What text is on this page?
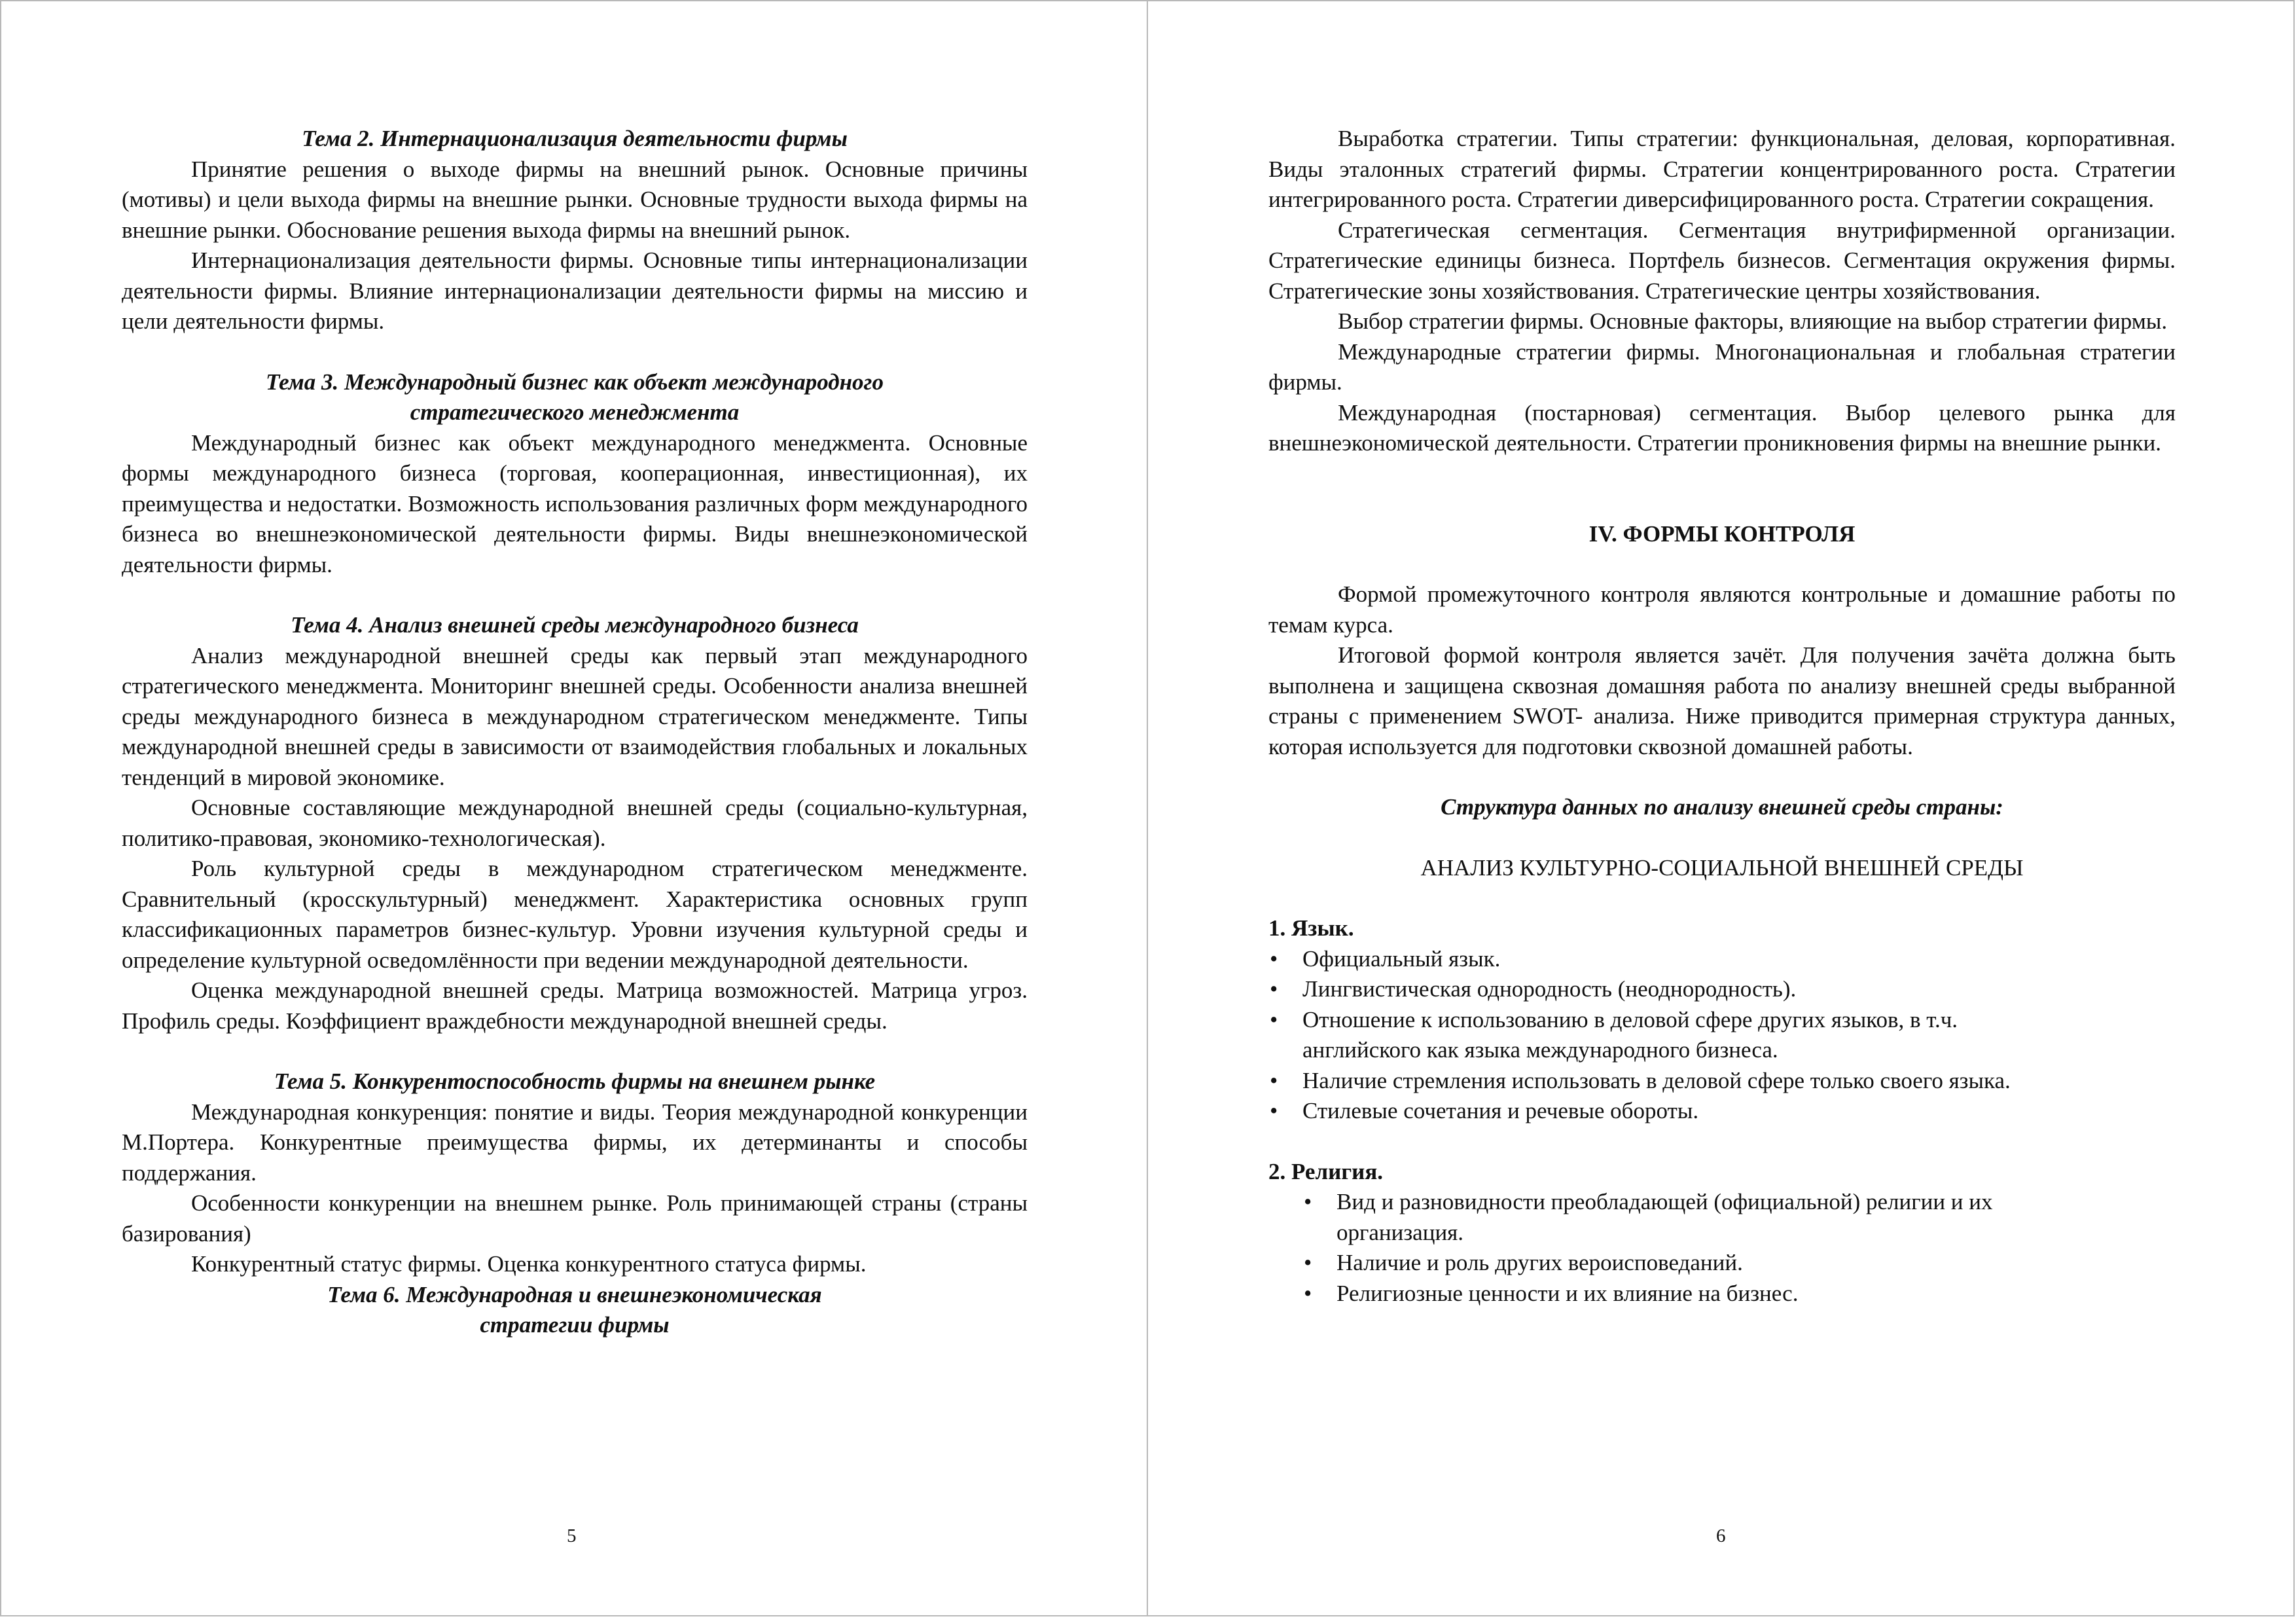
Тема 2. Интернационализация деятельности фирмы

Принятие решения о выходе фирмы на внешний рынок. Основные причины (мотивы) и цели выхода фирмы на внешние рынки. Основные трудности выхода фирмы на внешние рынки. Обоснование решения выхода фирмы на внешний рынок.

Интернационализация деятельности фирмы. Основные типы интернационализации деятельности фирмы. Влияние интернационализации деятельности фирмы на миссию и цели деятельности фирмы.

Тема 3. Международный бизнес как объект международного

стратегического менеджмента

Международный бизнес как объект международного менеджмента. Основные формы международного бизнеса (торговая, кооперационная, инвестиционная), их преимущества и недостатки. Возможность использования различных форм международного бизнеса во внешнеэкономической деятельности фирмы. Виды внешнеэкономической деятельности фирмы.

Тема 4. Анализ внешней среды международного бизнеса

Анализ международной внешней среды как первый этап международного стратегического менеджмента. Мониторинг внешней среды. Особенности анализа внешней среды международного бизнеса в международном стратегическом менеджменте. Типы международной внешней среды в зависимости от взаимодействия глобальных и локальных тенденций в мировой экономике.

Основные составляющие международной внешней среды (социально-культурная, политико-правовая, экономико-технологическая).

Роль культурной среды в международном стратегическом менеджменте. Сравнительный (кросскультурный) менеджмент. Характеристика основных групп классификационных параметров бизнес-культур. Уровни изучения культурной среды и определение культурной осведомлённости при ведении международной деятельности.

Оценка международной внешней среды. Матрица возможностей. Матрица угроз. Профиль среды. Коэффициент враждебности международной внешней среды.

Тема 5. Конкурентоспособность фирмы на внешнем рынке

Международная конкуренция: понятие и виды. Теория международной конкуренции М.Портера. Конкурентные преимущества фирмы, их детерминанты и способы поддержания.

Особенности конкуренции на внешнем рынке. Роль принимающей страны (страны базирования)

Конкурентный статус фирмы. Оценка конкурентного статуса фирмы.

Тема 6. Международная и внешнеэкономическая

стратегии фирмы

5

Выработка стратегии. Типы стратегии: функциональная, деловая, корпоративная. Виды эталонных стратегий фирмы. Стратегии концентрированного роста. Стратегии интегрированного роста. Стратегии диверсифицированного роста. Стратегии сокращения.

Стратегическая сегментация. Сегментация внутрифирменной организации. Стратегические единицы бизнеса. Портфель бизнесов. Сегментация окружения фирмы. Стратегические зоны хозяйствования. Стратегические центры хозяйствования.

Выбор стратегии фирмы. Основные факторы, влияющие на выбор стратегии фирмы.

Международные стратегии фирмы. Многонациональная и глобальная стратегии фирмы.

Международная (постарновая) сегментация. Выбор целевого рынка для внешнеэкономической деятельности. Стратегии проникновения фирмы на внешние рынки.

IV. ФОРМЫ КОНТРОЛЯ

Формой промежуточного контроля являются контрольные и домашние работы по темам курса.

Итоговой формой контроля является зачёт. Для получения зачёта должна быть выполнена и защищена сквозная домашняя работа по анализу внешней среды выбранной страны с применением SWOT- анализа. Ниже приводится примерная структура данных, которая используется для подготовки сквозной домашней работы.

Структура данных по анализу внешней среды страны:

АНАЛИЗ КУЛЬТУРНО-СОЦИАЛЬНОЙ ВНЕШНЕЙ СРЕДЫ

1. Язык.

• Официальный язык.
• Лингвистическая однородность (неоднородность).
• Отношение к использованию в деловой сфере других языков, в т.ч. английского как языка международного бизнеса.
• Наличие стремления использовать в деловой сфере только своего языка.
• Стилевые сочетания и речевые обороты.

2. Религия.

• Вид и разновидности преобладающей (официальной) религии и их организация.
• Наличие и роль других вероисповеданий.
• Религиозные ценности и их влияние на бизнес.
6
